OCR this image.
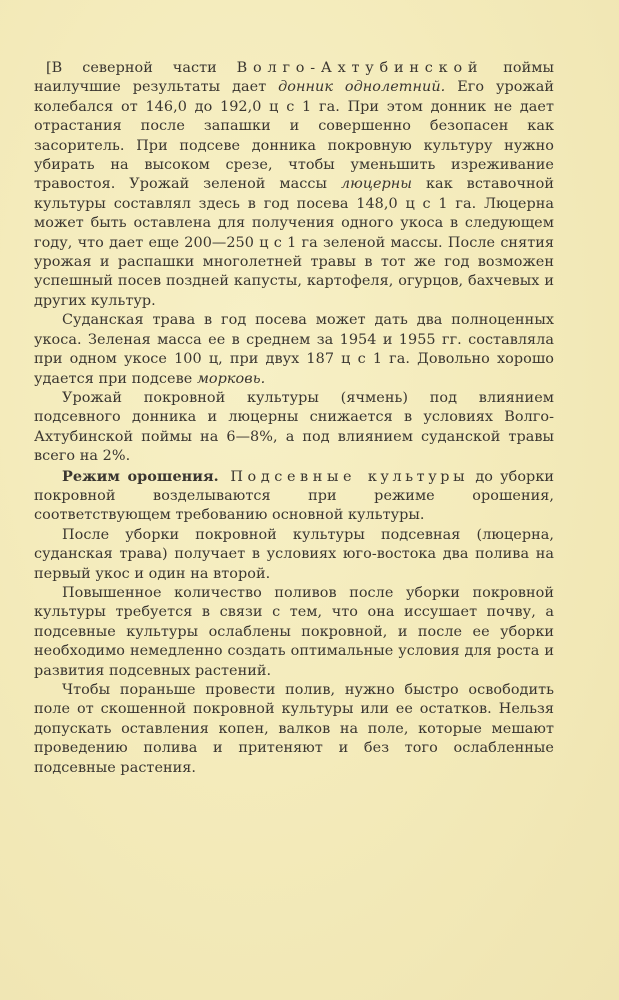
[В северной части Волго-Ахтубинской поймы наилучшие результаты дает донник однолетний. Его урожай колебался от 146,0 до 192,0 ц с 1 га. При этом донник не дает отрастания после запашки и совершенно безопасен как засоритель. При подсеве донника покровную культуру нужно убирать на высоком срезе, чтобы уменьшить изреживание травостоя. Урожай зеленой массы люцерны как вставочной культуры составлял здесь в год посева 148,0 ц с 1 га. Люцерна может быть оставлена для получения одного укоса в следующем году, что дает еще 200—250 ц с 1 га зеленой массы. После снятия урожая и распашки многолетней травы в тот же год возможен успешный посев поздней капусты, картофеля, огурцов, бахчевых и других культур.

Суданская трава в год посева может дать два полноценных укоса. Зеленая масса ее в среднем за 1954 и 1955 гг. составляла при одном укосе 100 ц, при двух 187 ц с 1 га. Довольно хорошо удается при подсеве морковь.

Урожай покровной культуры (ячмень) под влиянием подсевного донника и люцерны снижается в условиях Волго-Ахтубинской поймы на 6—8%, а под влиянием суданской травы всего на 2%.

Режим орошения. Подсевные культуры до уборки покровной возделываются при режиме орошения, соответствующем требованию основной культуры.

После уборки покровной культуры подсевная (люцерна, суданская трава) получает в условиях юго-востока два полива на первый укос и один на второй.

Повышенное количество поливов после уборки покровной культуры требуется в связи с тем, что она иссушает почву, а подсевные культуры ослаблены покровной, и после ее уборки необходимо немедленно создать оптимальные условия для роста и развития подсевных растений.

Чтобы пораньше провести полив, нужно быстро освободить поле от скошенной покровной культуры или ее остатков. Нельзя допускать оставления копен, валков на поле, которые мешают проведению полива и притеняют и без того ослабленные подсевные растения.
